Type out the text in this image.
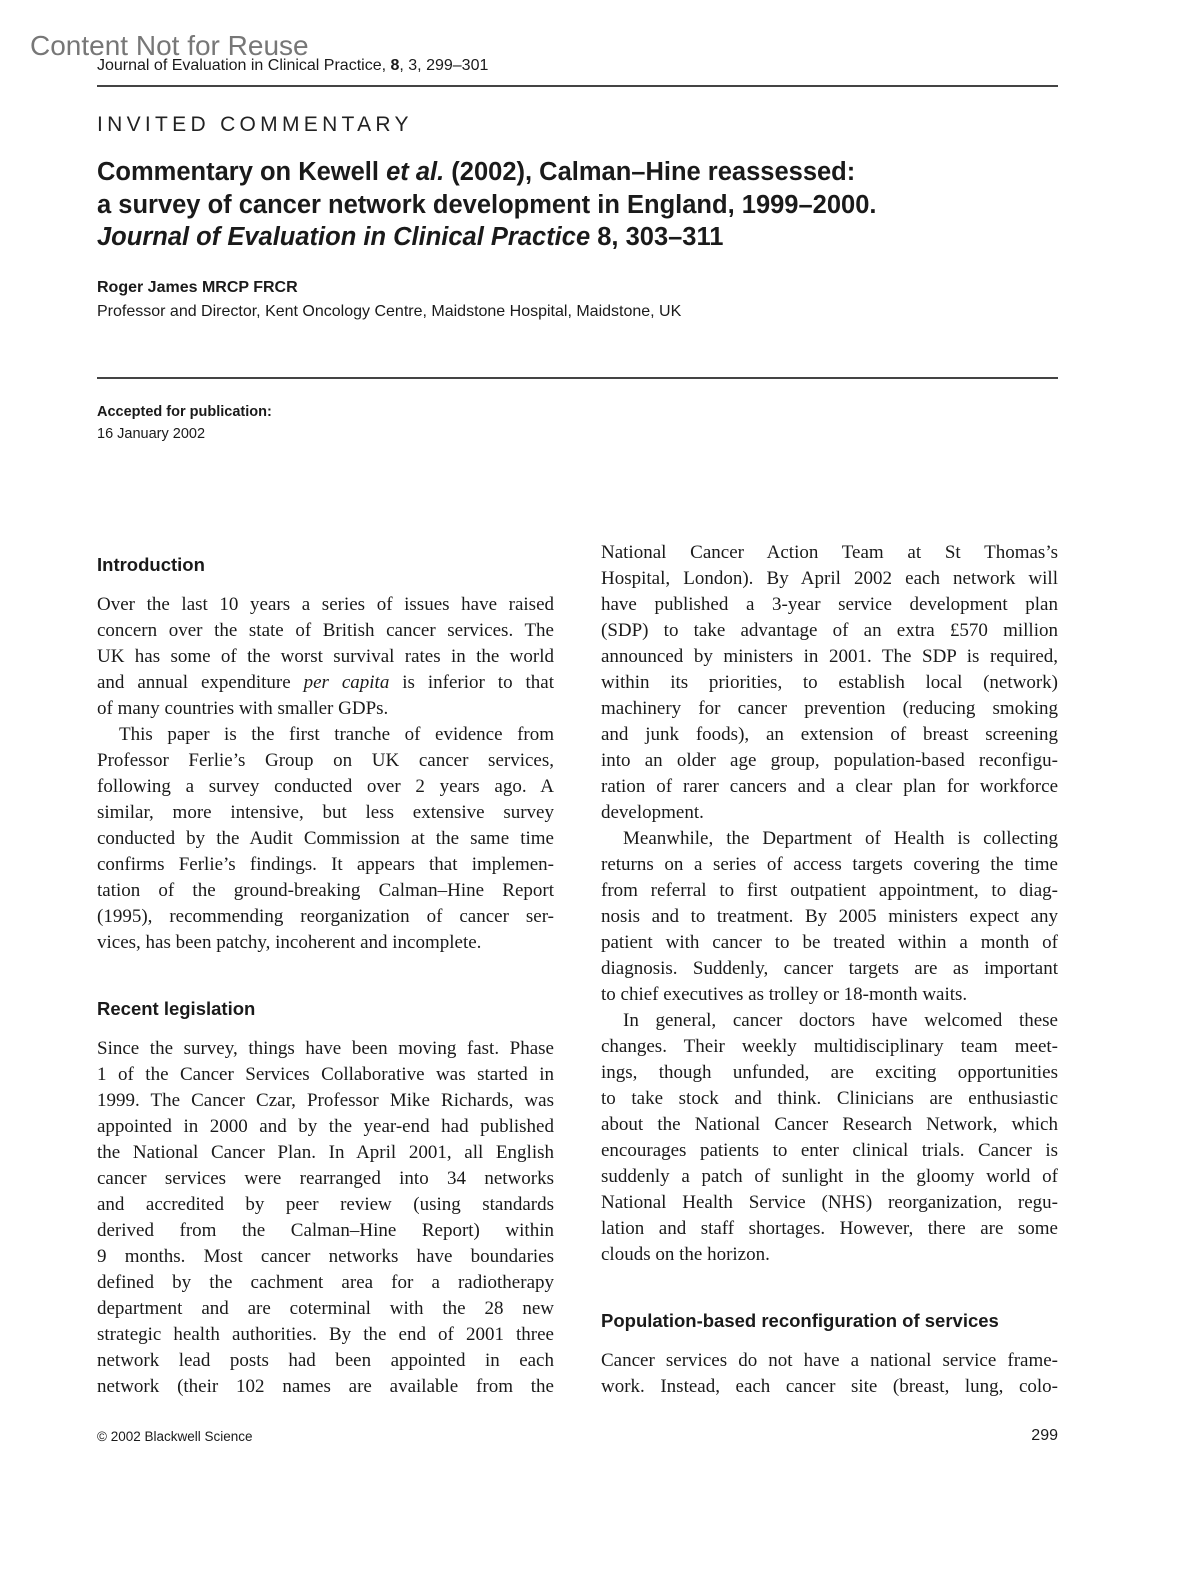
Content Not for Reuse
Journal of Evaluation in Clinical Practice, 8, 3, 299–301
INVITED COMMENTARY
Commentary on Kewell et al. (2002), Calman–Hine reassessed:
a survey of cancer network development in England, 1999–2000.
Journal of Evaluation in Clinical Practice 8, 303–311
Roger James MRCP FRCR
Professor and Director, Kent Oncology Centre, Maidstone Hospital, Maidstone, UK
Accepted for publication:
16 January 2002
Introduction
Over the last 10 years a series of issues have raised
concern over the state of British cancer services. The
UK has some of the worst survival rates in the world
and annual expenditure per capita is inferior to that
of many countries with smaller GDPs.
This paper is the first tranche of evidence from
Professor Ferlie’s Group on UK cancer services,
following a survey conducted over 2 years ago. A
similar, more intensive, but less extensive survey
conducted by the Audit Commission at the same time
confirms Ferlie’s findings. It appears that implemen-
tation of the ground-breaking Calman–Hine Report
(1995), recommending reorganization of cancer ser-
vices, has been patchy, incoherent and incomplete.
Recent legislation
Since the survey, things have been moving fast. Phase
1 of the Cancer Services Collaborative was started in
1999. The Cancer Czar, Professor Mike Richards, was
appointed in 2000 and by the year-end had published
the National Cancer Plan. In April 2001, all English
cancer services were rearranged into 34 networks
and accredited by peer review (using standards
derived from the Calman–Hine Report) within
9 months. Most cancer networks have boundaries
defined by the cachment area for a radiotherapy
department and are coterminal with the 28 new
strategic health authorities. By the end of 2001 three
network lead posts had been appointed in each
network (their 102 names are available from the
National Cancer Action Team at St Thomas’s
Hospital, London). By April 2002 each network will
have published a 3-year service development plan
(SDP) to take advantage of an extra £570 million
announced by ministers in 2001. The SDP is required,
within its priorities, to establish local (network)
machinery for cancer prevention (reducing smoking
and junk foods), an extension of breast screening
into an older age group, population-based reconfigu-
ration of rarer cancers and a clear plan for workforce
development.
Meanwhile, the Department of Health is collecting
returns on a series of access targets covering the time
from referral to first outpatient appointment, to diag-
nosis and to treatment. By 2005 ministers expect any
patient with cancer to be treated within a month of
diagnosis. Suddenly, cancer targets are as important
to chief executives as trolley or 18-month waits.
In general, cancer doctors have welcomed these
changes. Their weekly multidisciplinary team meet-
ings, though unfunded, are exciting opportunities
to take stock and think. Clinicians are enthusiastic
about the National Cancer Research Network, which
encourages patients to enter clinical trials. Cancer is
suddenly a patch of sunlight in the gloomy world of
National Health Service (NHS) reorganization, regu-
lation and staff shortages. However, there are some
clouds on the horizon.
Population-based reconfiguration of services
Cancer services do not have a national service frame-
work. Instead, each cancer site (breast, lung, colo-
© 2002 Blackwell Science	299
